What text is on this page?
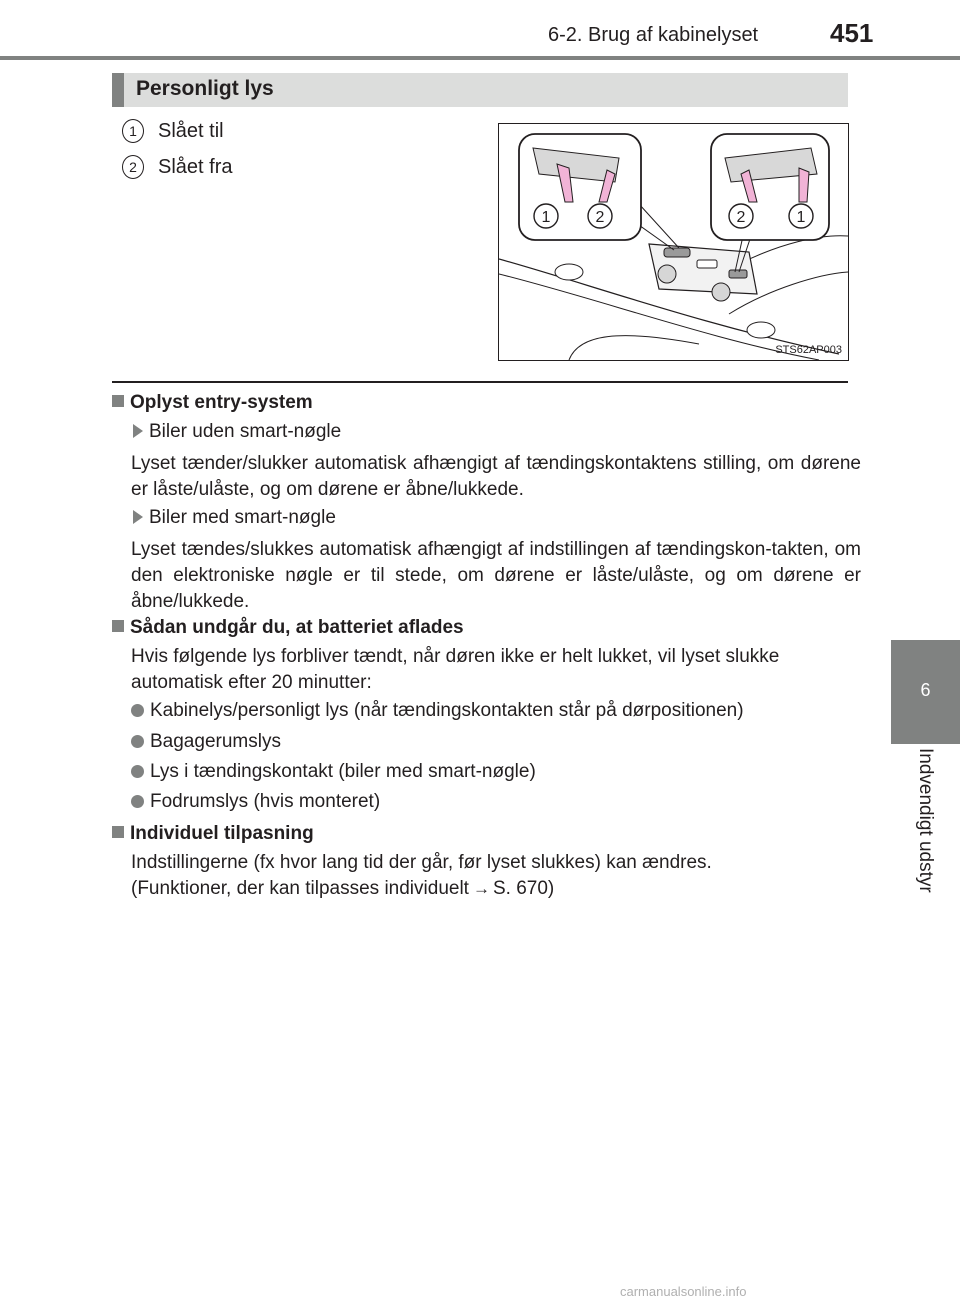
6-2. Brug af kabinelyset	451
6
Indvendigt udstyr
Personligt lys
1	Slået til
2	Slået fra
1	2	2	1
STS62AP003
Oplyst entry-system
Biler uden smart-nøgle
Lyset tænder/slukker automatisk afhængigt af tændingskontaktens stilling, om dørene er låste/ulåste, og om dørene er åbne/lukkede.
Biler med smart-nøgle
Lyset tændes/slukkes automatisk afhængigt af indstillingen af tændingskon-takten, om den elektroniske nøgle er til stede, om dørene er låste/ulåste, og om dørene er åbne/lukkede.
Sådan undgår du, at batteriet aflades
Hvis følgende lys forbliver tændt, når døren ikke er helt lukket, vil lyset slukke automatisk efter 20 minutter:
Kabinelys/personligt lys (når tændingskontakten står på dørpositionen)
Bagagerumslys
Lys i tændingskontakt (biler med smart-nøgle)
Fodrumslys (hvis monteret)
Individuel tilpasning
Indstillingerne (fx hvor lang tid der går, før lyset slukkes) kan ændres.
(Funktioner, der kan tilpasses individuelt → S. 670)
carmanualsonline.info
